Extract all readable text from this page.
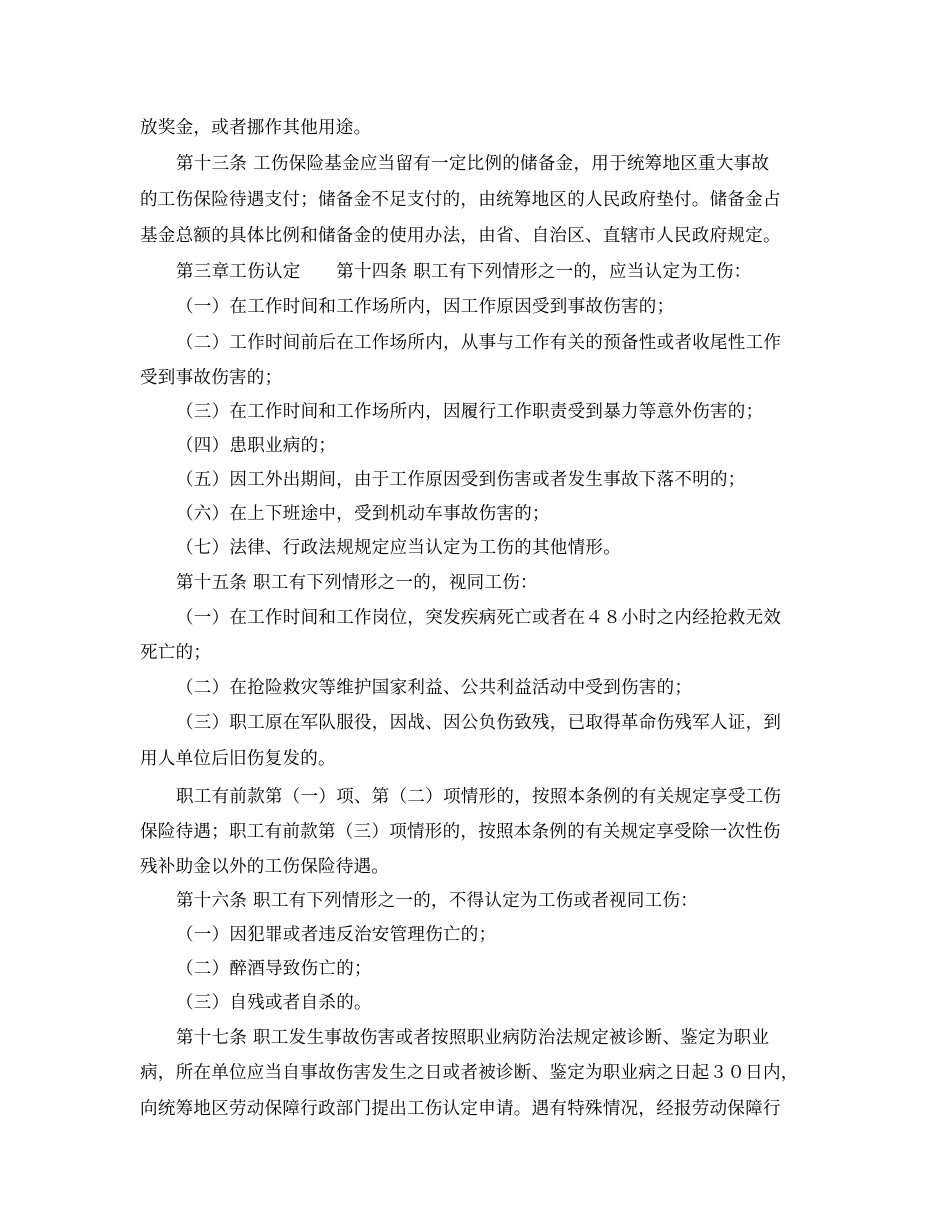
放奖金，或者挪作其他用途。
第十三条 工伤保险基金应当留有一定比例的储备金，用于统筹地区重大事故
的工伤保险待遇支付；储备金不足支付的，由统筹地区的人民政府垫付。储备金占
基金总额的具体比例和储备金的使用办法，由省、自治区、直辖市人民政府规定。
第三章工伤认定　　第十四条 职工有下列情形之一的，应当认定为工伤：
（一）在工作时间和工作场所内，因工作原因受到事故伤害的；
（二）工作时间前后在工作场所内，从事与工作有关的预备性或者收尾性工作
受到事故伤害的；
（三）在工作时间和工作场所内，因履行工作职责受到暴力等意外伤害的；
（四）患职业病的；
（五）因工外出期间，由于工作原因受到伤害或者发生事故下落不明的；
（六）在上下班途中，受到机动车事故伤害的；
（七）法律、行政法规规定应当认定为工伤的其他情形。
第十五条 职工有下列情形之一的，视同工伤：
（一）在工作时间和工作岗位，突发疾病死亡或者在４８小时之内经抢救无效
死亡的；
（二）在抢险救灾等维护国家利益、公共利益活动中受到伤害的；
（三）职工原在军队服役，因战、因公负伤致残，已取得革命伤残军人证，到
用人单位后旧伤复发的。
职工有前款第（一）项、第（二）项情形的，按照本条例的有关规定享受工伤
保险待遇；职工有前款第（三）项情形的，按照本条例的有关规定享受除一次性伤
残补助金以外的工伤保险待遇。
第十六条 职工有下列情形之一的，不得认定为工伤或者视同工伤：
（一）因犯罪或者违反治安管理伤亡的；
（二）醉酒导致伤亡的；
（三）自残或者自杀的。
第十七条 职工发生事故伤害或者按照职业病防治法规定被诊断、鉴定为职业
病，所在单位应当自事故伤害发生之日或者被诊断、鉴定为职业病之日起３０日内，
向统筹地区劳动保障行政部门提出工伤认定申请。遇有特殊情况，经报劳动保障行
